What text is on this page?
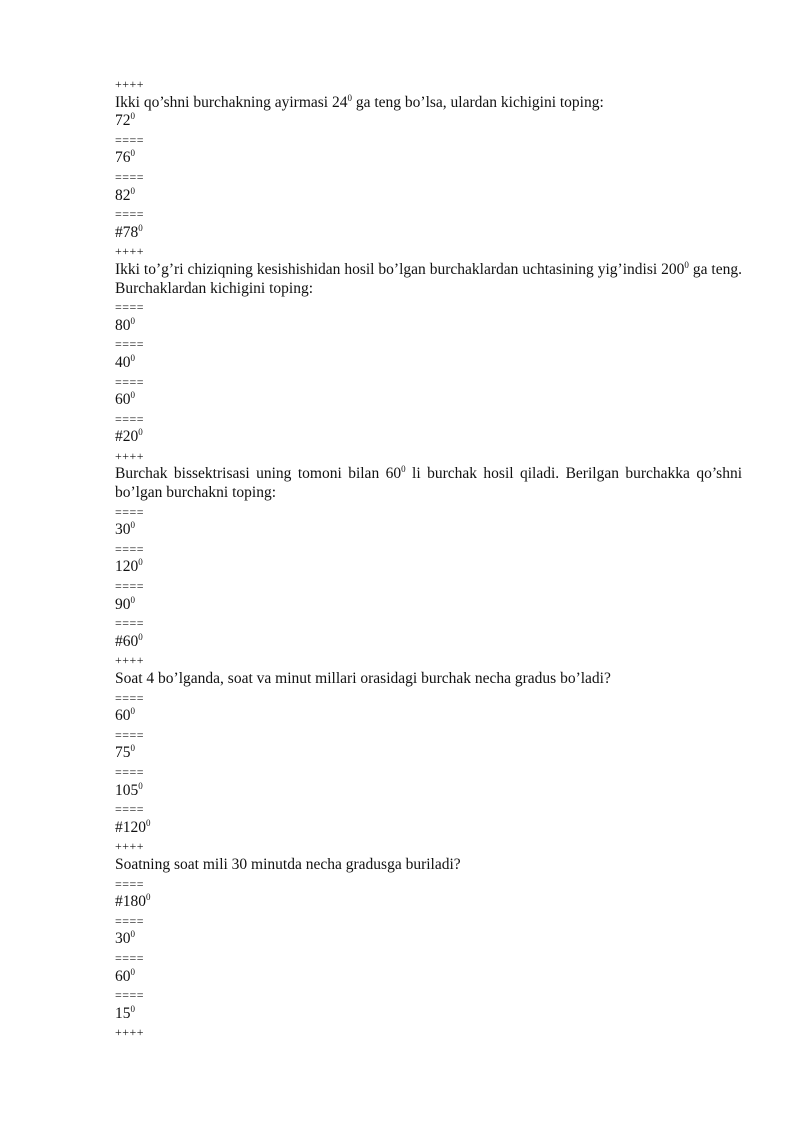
++++
Ikki qo’shni burchakning ayirmasi $24^0$ ga teng bo’lsa, ulardan kichigini toping:
$72^0$
====
$76^0$
====
$82^0$
====
$\#78^0$
++++
Ikki to’g’ri chiziqning kesishishidan hosil bo’lgan burchaklardan uchtasining yig’indisi $200^0$ ga teng. Burchaklardan kichigini toping:
====
$80^0$
====
$40^0$
====
$60^0$
====
$\#20^0$
++++
Burchak bissektrisasi uning tomoni bilan $60^0$ li burchak hosil qiladi. Berilgan burchakka qo’shni bo’lgan burchakni toping:
====
$30^0$
====
$120^0$
====
$90^0$
====
$\#60^0$
++++
Soat 4 bo’lganda, soat va minut millari orasidagi burchak necha gradus bo’ladi?
====
$60^0$
====
$75^0$
====
$105^0$
====
$\#120^0$
++++
Soatning soat mili 30 minutda necha gradusga buriladi?
====
$\#180^0$
====
$30^0$
====
$60^0$
====
$15^0$
++++
